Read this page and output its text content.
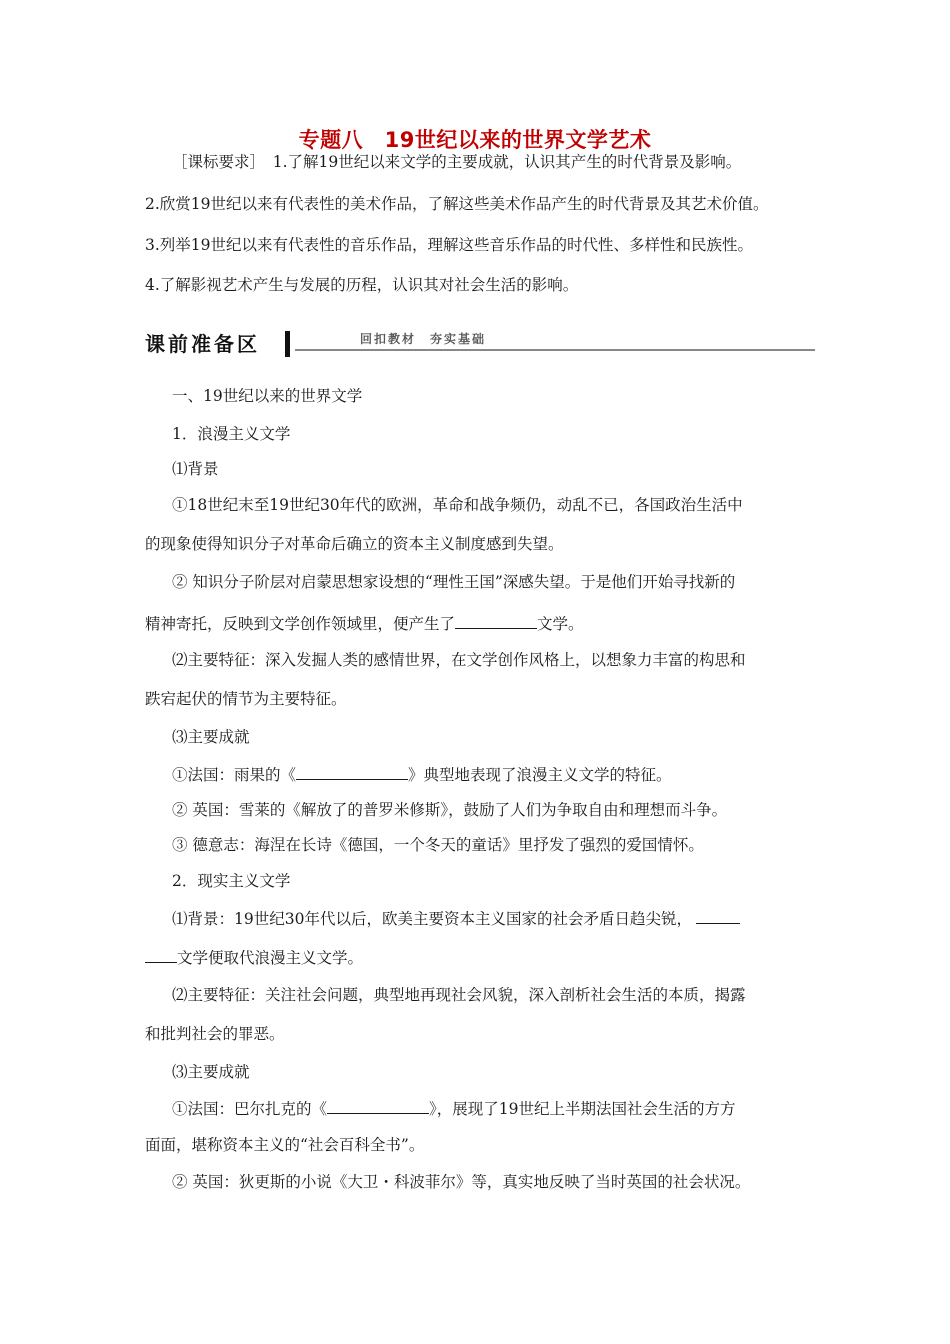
专题八　19世纪以来的世界文学艺术
［课标要求］　1.了解19世纪以来文学的主要成就，认识其产生的时代背景及影响。
2.欣赏19世纪以来有代表性的美术作品，了解这些美术作品产生的时代背景及其艺术价值。
3.列举19世纪以来有代表性的音乐作品，理解这些音乐作品的时代性、多样性和民族性。
4.了解影视艺术产生与发展的历程，认识其对社会生活的影响。
课前准备区	回扣教材　夯实基础
一、19世纪以来的世界文学
1．浪漫主义文学
⑴背景
①18世纪末至19世纪30年代的欧洲，革命和战争频仍，动乱不已，各国政治生活中
的现象使得知识分子对革命后确立的资本主义制度感到失望。
② 知识分子阶层对启蒙思想家设想的“理性王国”深感失望。于是他们开始寻找新的
精神寄托，反映到文学创作领域里，便产生了	文学。
⑵主要特征：深入发掘人类的感情世界，在文学创作风格上，以想象力丰富的构思和
跌宕起伏的情节为主要特征。
⑶主要成就
①法国：雨果的《	》典型地表现了浪漫主义文学的特征。
② 英国：雪莱的《解放了的普罗米修斯》，鼓励了人们为争取自由和理想而斗争。
③ 德意志：海涅在长诗《德国，一个冬天的童话》里抒发了强烈的爱国情怀。
2．现实主义文学
⑴背景：19世纪30年代以后，欧美主要资本主义国家的社会矛盾日趋尖锐，
文学便取代浪漫主义文学。
⑵主要特征：关注社会问题，典型地再现社会风貌，深入剖析社会生活的本质，揭露
和批判社会的罪恶。
⑶主要成就
①法国：巴尔扎克的《	》，展现了19世纪上半期法国社会生活的方方
面面，堪称资本主义的“社会百科全书”。
② 英国：狄更斯的小说《大卫・科波菲尔》等，真实地反映了当时英国的社会状况。
